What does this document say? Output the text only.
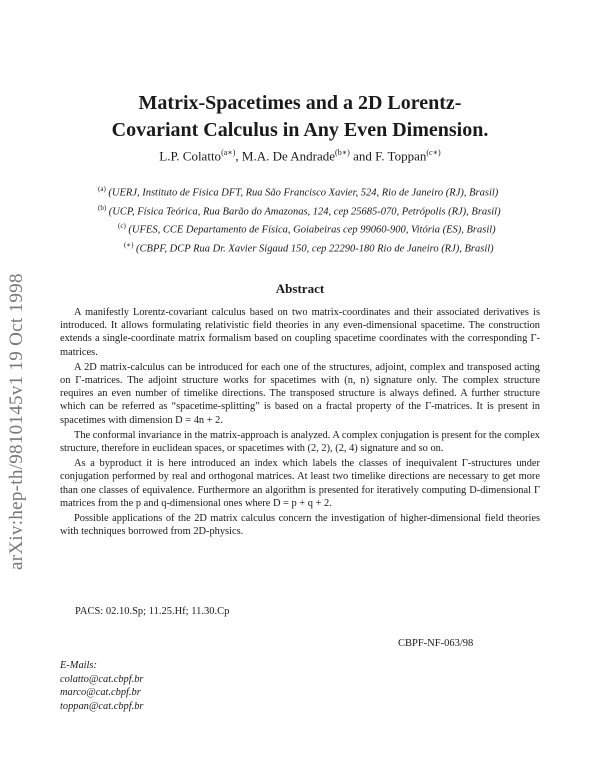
arXiv:hep-th/9810145v1 19 Oct 1998
Matrix-Spacetimes and a 2D Lorentz-
Covariant Calculus in Any Even Dimension.
L.P. Colatto$^{(a∗)}$, M.A. De Andrade$^{(b∗)}$ and F. Toppan$^{(c∗)}$
$^{(a)}$ (UERJ, Instituto de Física DFT, Rua São Francisco Xavier, 524, Rio de Janeiro (RJ), Brasil)
$^{(b)}$ (UCP, Física Teórica, Rua Barão do Amazonas, 124, cep 25685-070, Petrópolis (RJ), Brasil)
$^{(c)}$ (UFES, CCE Departamento de Física, Goiabeiras cep 99060-900, Vitória (ES), Brasil)
(∗) (CBPF, DCP Rua Dr. Xavier Sigaud 150, cep 22290-180 Rio de Janeiro (RJ), Brasil)
Abstract

A manifestly Lorentz-covariant calculus based on two matrix-coordinates and their associated derivatives is introduced. It allows formulating relativistic field theories in any even-dimensional spacetime. The construction extends a single-coordinate matrix formalism based on coupling spacetime coordinates with the corresponding Γ-matrices.

A 2D matrix-calculus can be introduced for each one of the structures, adjoint, complex and transposed acting on Γ-matrices. The adjoint structure works for spacetimes with (n, n) signature only. The complex structure requires an even number of timelike directions. The transposed structure is always defined. A further structure which can be referred as “spacetime-splitting” is based on a fractal property of the Γ-matrices. It is present in spacetimes with dimension D = 4n + 2.

The conformal invariance in the matrix-approach is analyzed. A complex conjugation is present for the complex structure, therefore in euclidean spaces, or spacetimes with (2, 2), (2, 4) signature and so on.

As a byproduct it is here introduced an index which labels the classes of inequivalent Γ-structures under conjugation performed by real and orthogonal matrices. At least two timelike directions are necessary to get more than one classes of equivalence. Furthermore an algorithm is presented for iteratively computing D-dimensional Γ matrices from the p and q-dimensional ones where D = p + q + 2.

Possible applications of the 2D matrix calculus concern the investigation of higher-dimensional field theories with techniques borrowed from 2D-physics.

PACS: 02.10.Sp; 11.25.Hf; 11.30.Cp
CBPF-NF-063/98
E-Mails:
colatto@cat.cbpf.br
marco@cat.cbpf.br
toppan@cat.cbpf.br
